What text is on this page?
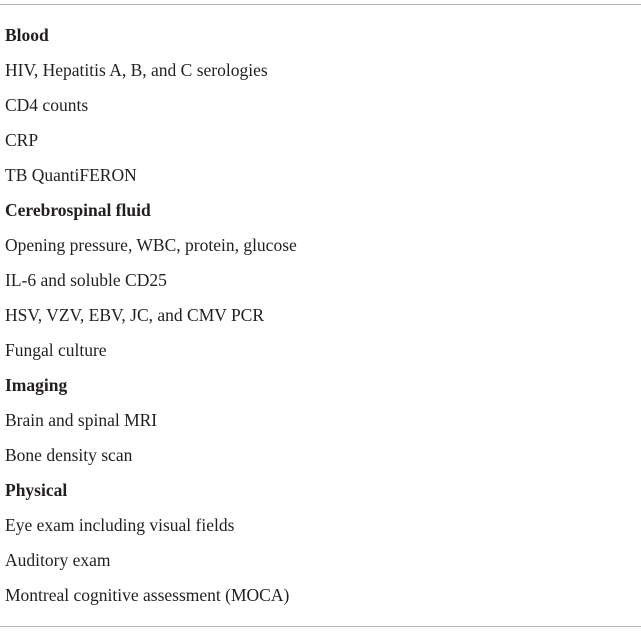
Blood
HIV, Hepatitis A, B, and C serologies
CD4 counts
CRP
TB QuantiFERON
Cerebrospinal fluid
Opening pressure, WBC, protein, glucose
IL-6 and soluble CD25
HSV, VZV, EBV, JC, and CMV PCR
Fungal culture
Imaging
Brain and spinal MRI
Bone density scan
Physical
Eye exam including visual fields
Auditory exam
Montreal cognitive assessment (MOCA)
